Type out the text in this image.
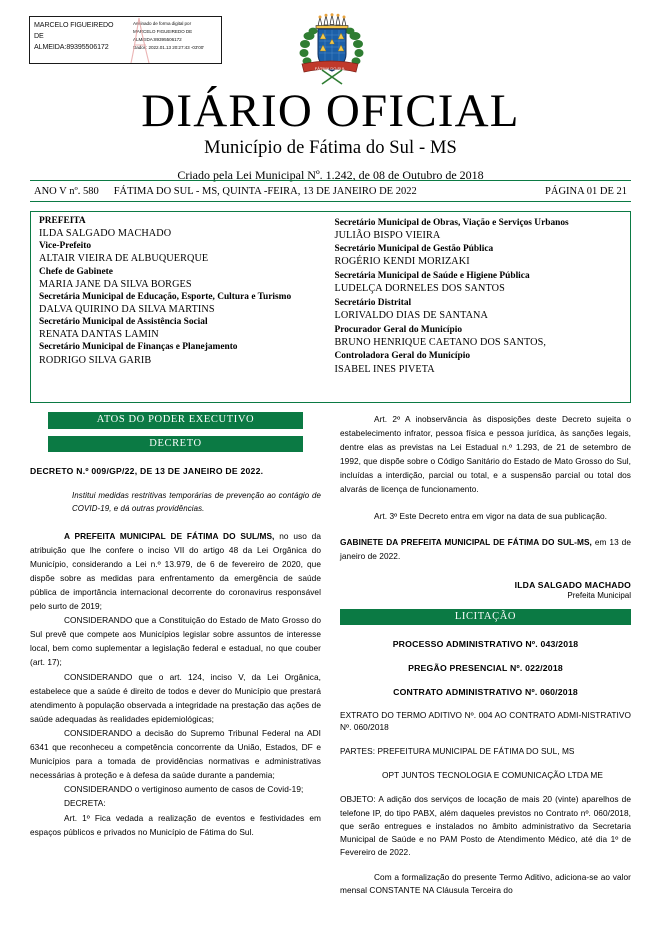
MARCELO FIGUEIREDO
DE
ALMEIDA:89395506172
Assinado de forma digital por
MARCELO FIGUEIREDO DE
ALMEIDA:89395506172
Dados: 2022.01.13 20:27:43 -03'00'
FÁTIMA DO SUL
DIÁRIO OFICIAL
Município de Fátima do Sul - MS
Criado pela Lei Municipal Nº. 1.242, de 08 de Outubro de 2018
ANO V nº. 580	FÁTIMA DO SUL - MS, QUINTA -FEIRA, 13 DE JANEIRO DE 2022	PÁGINA 01 DE 21
PREFEITA
ILDA SALGADO MACHADO
Vice-Prefeito
ALTAIR VIEIRA DE ALBUQUERQUE
Chefe de Gabinete
MARIA JANE DA SILVA BORGES
Secretária Municipal de Educação, Esporte, Cultura e Turismo
DALVA QUIRINO DA SILVA MARTINS
Secretário Municipal de Assistência Social
RENATA DANTAS LAMIN
Secretário Municipal de Finanças e Planejamento
RODRIGO SILVA GARIB
Secretário Municipal de Obras, Viação e Serviços Urbanos
JULIÃO BISPO VIEIRA
Secretário Municipal de Gestão Pública
ROGÉRIO KENDI MORIZAKI
Secretária Municipal de Saúde e Higiene Pública
LUDELÇA DORNELES DOS SANTOS
Secretário Distrital
LORIVALDO DIAS DE SANTANA
Procurador Geral do Município
BRUNO HENRIQUE CAETANO DOS SANTOS,
Controladora Geral do Município
ISABEL INES PIVETA
ATOS DO PODER EXECUTIVO
DECRETO
DECRETO N.º 009/GP/22, DE 13 DE JANEIRO DE 2022.
Institui medidas restritivas temporárias de prevenção ao contágio de COVID-19, e dá outras providências.

A PREFEITA MUNICIPAL DE FÁTIMA DO SUL/MS, no uso da atribuição que lhe confere o inciso VII do artigo 48 da Lei Orgânica do Município, considerando a Lei n.º 13.979, de 6 de fevereiro de 2020, que dispõe sobre as medidas para enfrentamento da emergência de saúde pública de importância internacional decorrente do coronavirus responsável pelo surto de 2019;

CONSIDERANDO que a Constituição do Estado de Mato Grosso do Sul prevê que compete aos Municípios legislar sobre assuntos de interesse local, bem como suplementar a legislação federal e estadual, no que couber (art. 17);

CONSIDERANDO que o art. 124, inciso V, da Lei Orgânica, estabelece que a saúde é direito de todos e dever do Município que prestará atendimento à população observada a integridade na prestação das ações de saúde adequadas às realidades epidemiológicas;

CONSIDERANDO a decisão do Supremo Tribunal Federal na ADI 6341 que reconheceu a competência concorrente da União, Estados, DF e Municípios para a tomada de providências normativas e administrativas necessárias à proteção e à defesa da saúde durante a pandemia;

CONSIDERANDO o vertiginoso aumento de casos de Covid-19;

DECRETA:

Art. 1º Fica vedada a realização de eventos e festividades em espaços públicos e privados no Município de Fátima do Sul.

Art. 2º A inobservância às disposições deste Decreto sujeita o estabelecimento infrator, pessoa física e pessoa jurídica, às sanções legais, dentre elas as previstas na Lei Estadual n.º 1.293, de 21 de setembro de 1992, que dispõe sobre o Código Sanitário do Estado de Mato Grosso do Sul, incluídas a interdição, parcial ou total, e a suspensão parcial ou total dos alvarás de licença de funcionamento.

Art. 3º Este Decreto entra em vigor na data de sua publicação.

GABINETE DA PREFEITA MUNICIPAL DE FÁTIMA DO SUL-MS, em 13 de janeiro de 2022.

ILDA SALGADO MACHADO
Prefeita Municipal
LICITAÇÃO
PROCESSO ADMINISTRATIVO Nº. 043/2018
PREGÃO PRESENCIAL Nº. 022/2018
CONTRATO ADMINISTRATIVO Nº. 060/2018
EXTRATO DO TERMO ADITIVO Nº. 004 AO CONTRATO ADMI-NISTRATIVO Nº. 060/2018
PARTES: PREFEITURA MUNICIPAL DE FÁTIMA DO SUL, MS
OPT JUNTOS TECNOLOGIA E COMUNICAÇÃO LTDA ME
OBJETO: A adição dos serviços de locação de mais 20 (vinte) aparelhos de telefone IP, do tipo PABX, além daqueles previstos no Contrato nº. 060/2018, que serão entregues e instalados no âmbito administrativo da Secretaria Municipal de Saúde e no PAM Posto de Atendimento Médico, até dia 1º de Fevereiro de 2022.
Com a formalização do presente Termo Aditivo, adiciona-se ao valor mensal CONSTANTE NA Cláusula Terceira do
